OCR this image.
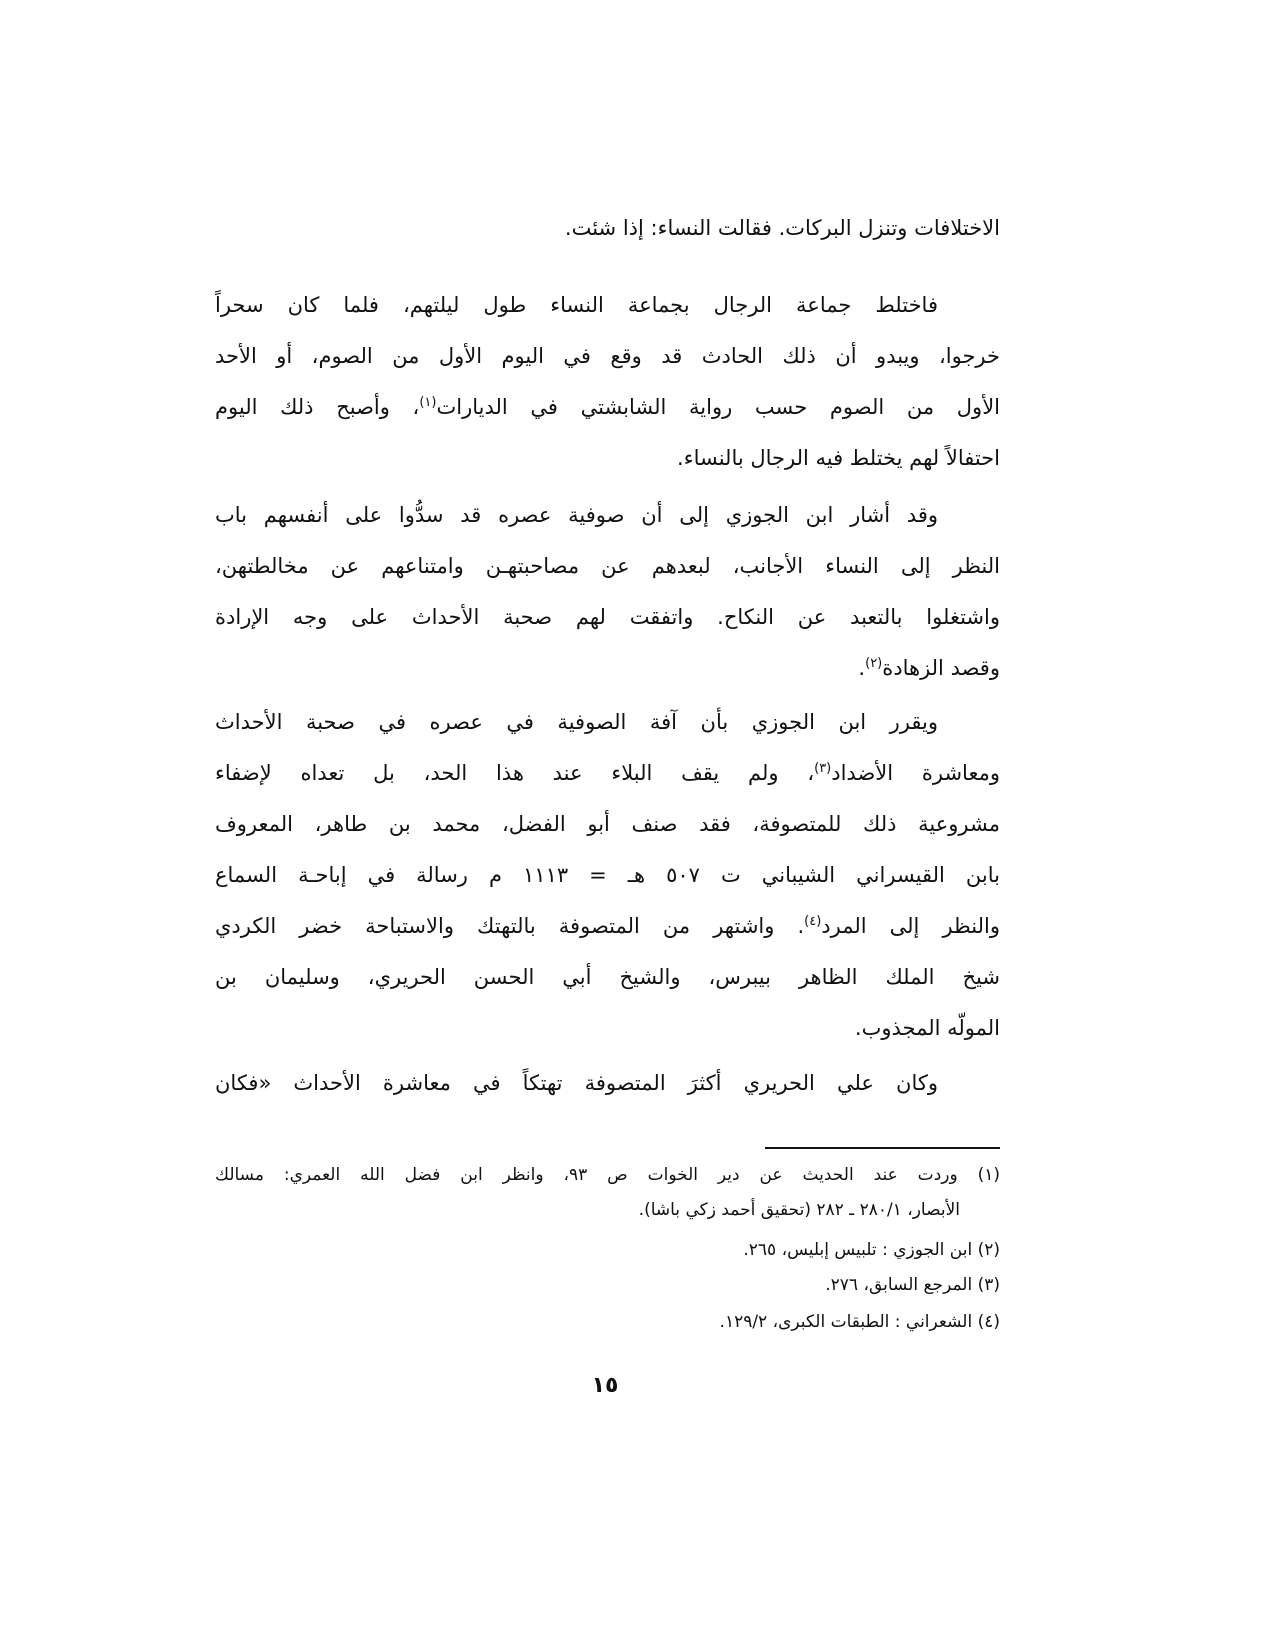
الاختلافات وتنزل البركات. فقالت النساء: إذا شئت.
فاختلط جماعة الرجال بجماعة النساء طول ليلتهم، فلما كان سحراً
خرجوا، ويبدو أن ذلك الحادث قد وقع في اليوم الأول من الصوم، أو الأحد
الأول من الصوم حسب رواية الشابشتي في الديارات$^{(١)}$، وأصبح ذلك اليوم
احتفالاً لهم يختلط فيه الرجال بالنساء.
وقد أشار ابن الجوزي إلى أن صوفية عصره قد سدُّوا على أنفسهم باب
النظر إلى النساء الأجانب، لبعدهم عن مصاحبتهـن وامتناعهم عن مخالطتهن،
واشتغلوا بالتعبد عن النكاح. واتفقت لهم صحبة الأحداث على وجه الإرادة
وقصد الزهادة$^{(٢)}$.
ويقرر ابن الجوزي بأن آفة الصوفية في عصره في صحبة الأحداث
ومعاشرة الأضداد$^{(٣)}$، ولم يقف البلاء عند هذا الحد، بل تعداه لإضفاء
مشروعية ذلك للمتصوفة، فقد صنف أبو الفضل، محمد بن طاهر، المعروف
بابن القيسراني الشيباني ت ٥٠٧ هـ = ١١١٣ م رسالة في إباحـة السماع
والنظر إلى المرد$^{(٤)}$. واشتهر من المتصوفة بالتهتك والاستباحة خضر الكردي
شيخ الملك الظاهر بيبرس، والشيخ أبي الحسن الحريري، وسليمان بن
المولّه المجذوب.
وكان علي الحريري أكثرَ المتصوفة تهتكاً في معاشرة الأحداث «فكان
(١) وردت عند الحديث عن دير الخوات ص ٩٣، وانظر ابن فضل الله العمري: مسالك
الأبصار، ٢٨٠/١ ـ ٢٨٢ (تحقيق أحمد زكي باشا).
(٢) ابن الجوزي : تلبيس إبليس، ٢٦٥.
(٣) المرجع السابق، ٢٧٦.
(٤) الشعراني : الطبقات الكبرى، ١٢٩/٢.
١٥
